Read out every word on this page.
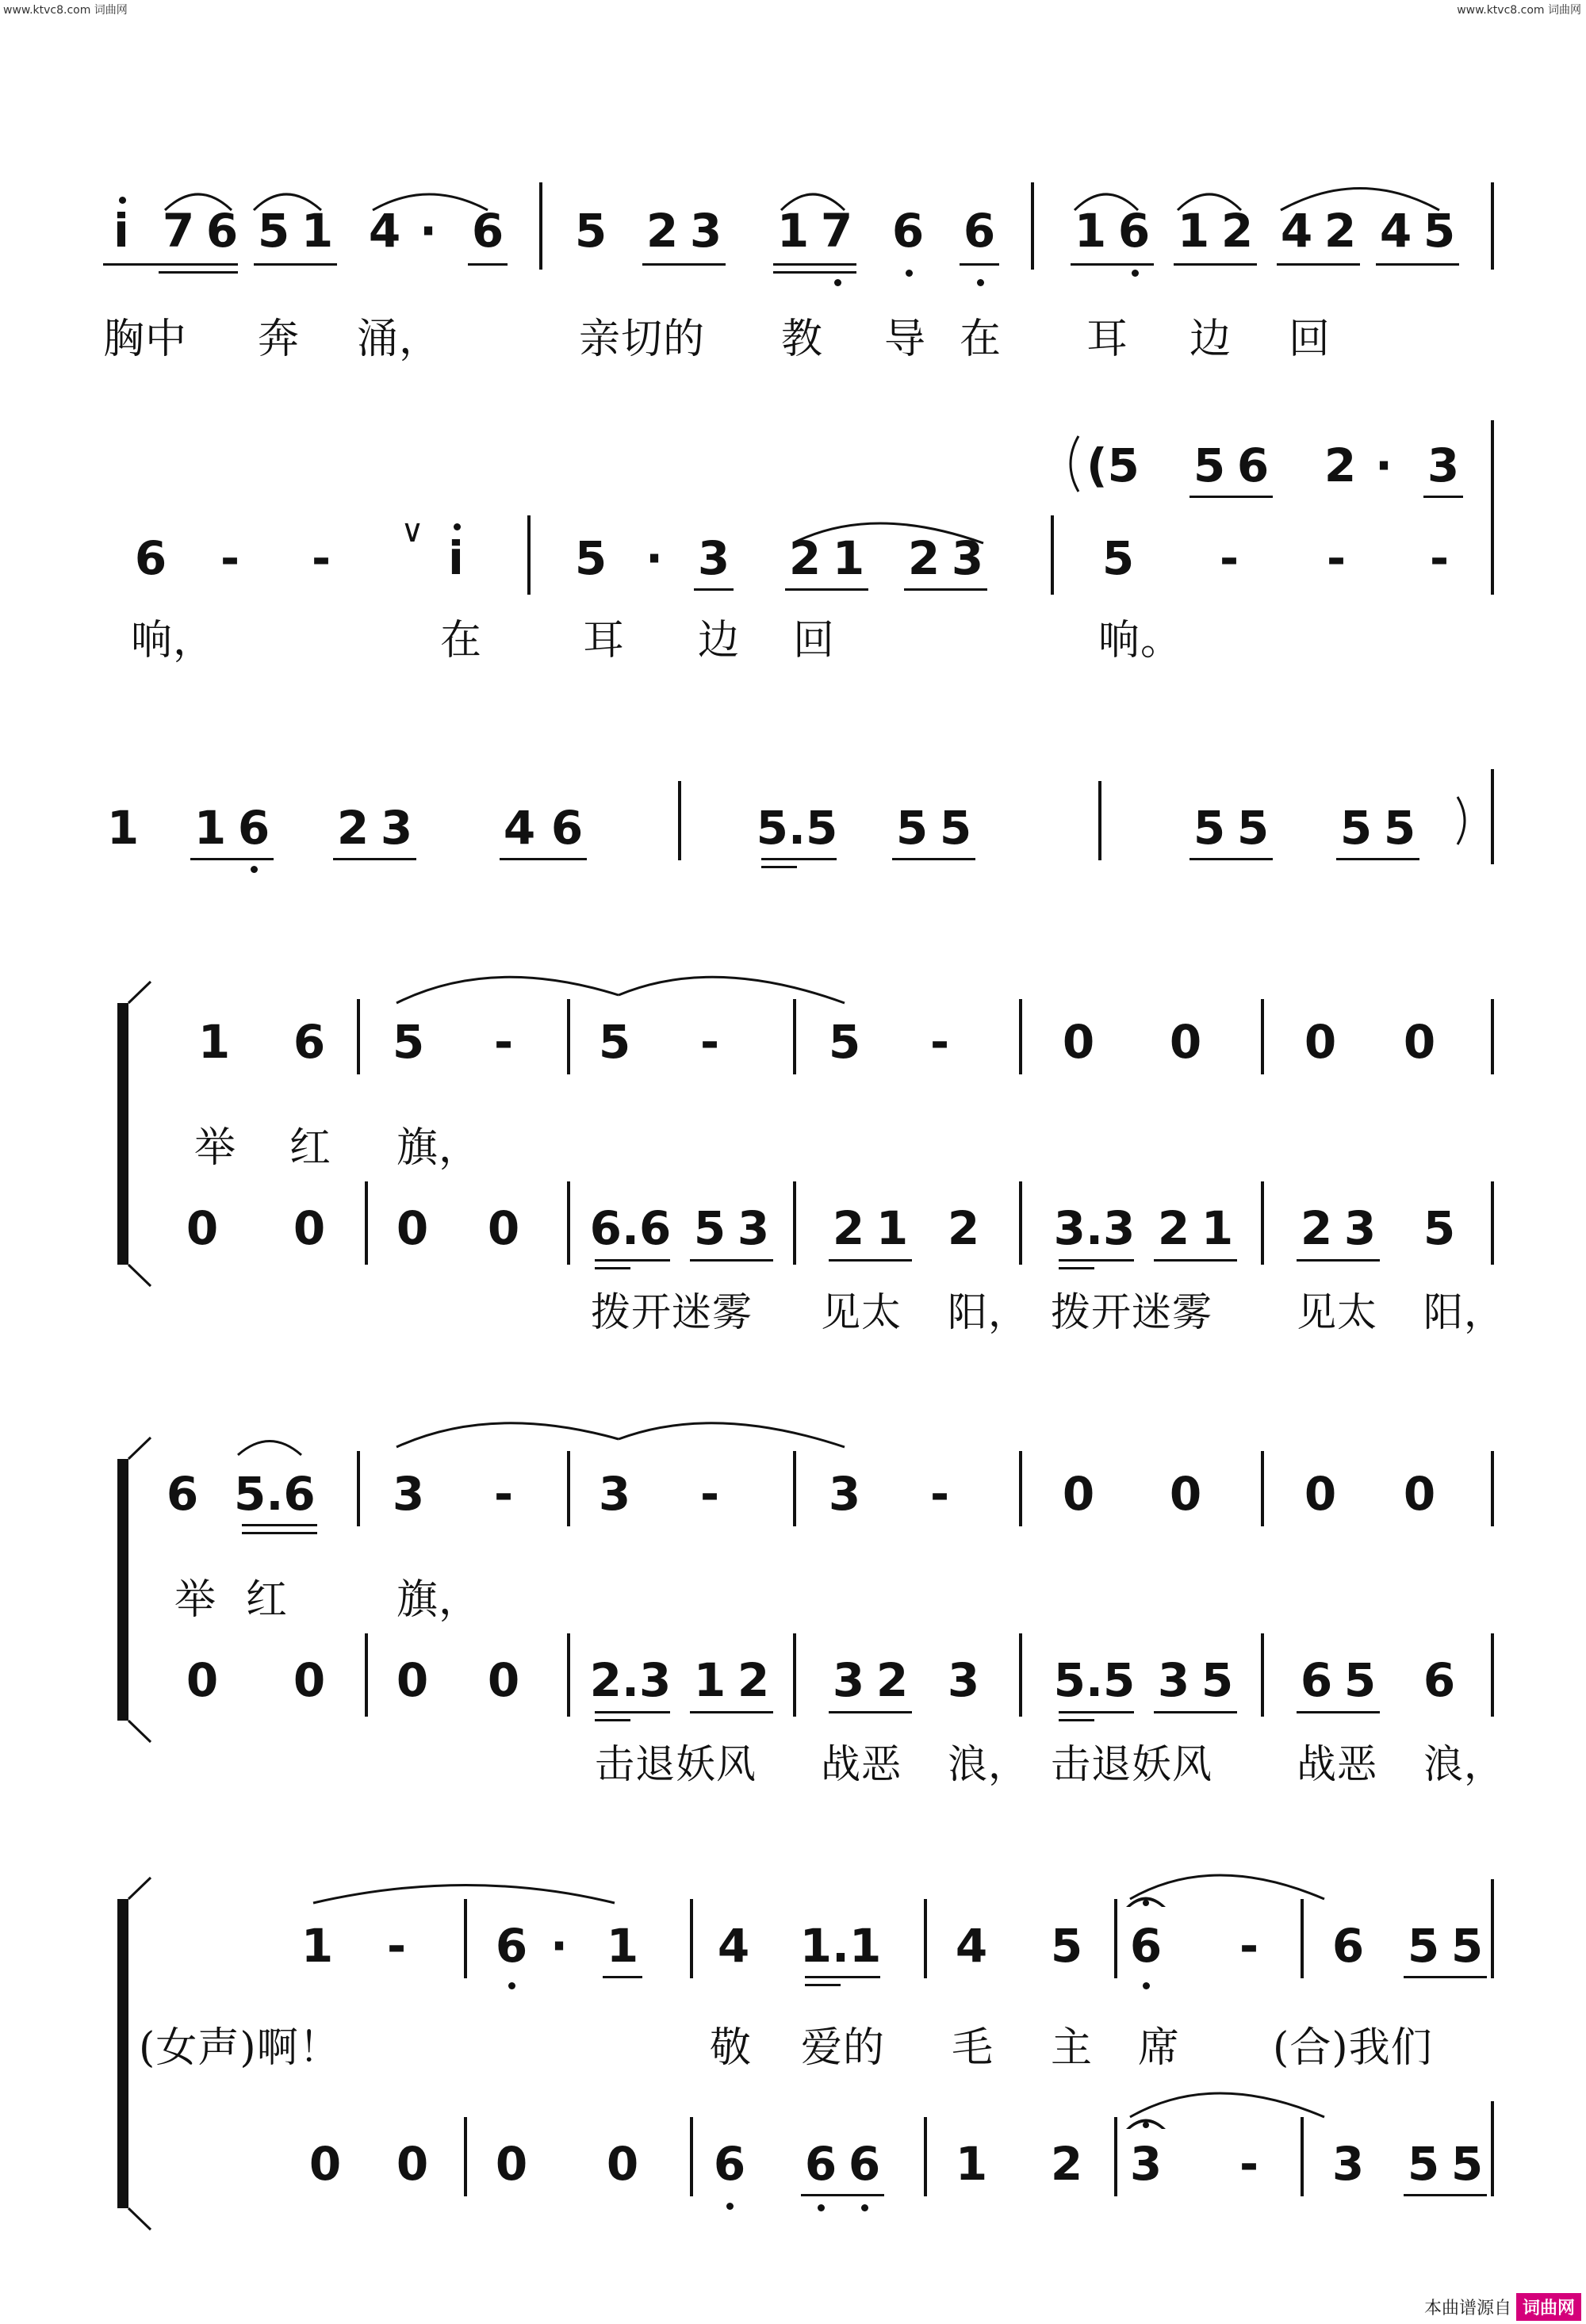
www.ktvc8.com 词曲网	www.ktvc8.com 词曲网
i 7 6 5 1 4 · 6 5 2 3 1 7 6 6 1 6 1 2 4 2 4 5
胸中 奔 涌，	亲切的 教 导 在 耳 边 回
(5 5 6 2 · 3
6 - -	∨ i 5 · 3 2 1 2 3	5 - - -
响，	在 耳 边 回	响。
1 1 6 2 3 4 6	5.5 5 5	5 5 5 5
1 6 5 - 5 - 5 - 0 0 0 0
举 红 旗，
0 0 0 0 6.6 5 3 2 1 2 3.3 2 1 2 3 5
拨开迷雾 见太 阳， 拨开迷雾 见太 阳，
6 5.6 3 - 3 - 3 - 0 0 0 0
举 红	旗，
0 0 0 0 2.3 1 2 3 2 3 5.5 3 5 6 5 6
击退妖风 战恶 浪， 击退妖风 战恶 浪，
1 - 6 · 1 4 1.1 4 5 6 - 6 5 5
(女声)啊！	敬 爱的 毛 主 席 (合)我们
0 0 0 0 6 6 6 1 2 3 - 3 5 5
本曲谱源自 词曲网
